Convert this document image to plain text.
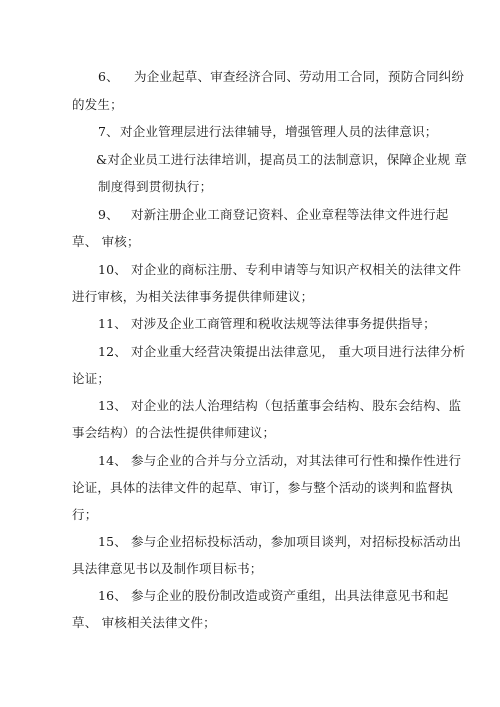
6、 为企业起草、审查经济合同、劳动用工合同，预防合同纠纷
的发生；
7、对企业管理层进行法律辅导，增强管理人员的法律意识；
&对企业员工进行法律培训，提高员工的法制意识，保障企业规 章
制度得到贯彻执行；
9、 对新注册企业工商登记资料、企业章程等法律文件进行起
草、 审核；
10、 对企业的商标注册、专利申请等与知识产权相关的法律文件
进行审核，为相关法律事务提供律师建议；
11、 对涉及企业工商管理和税收法规等法律事务提供指导；
12、 对企业重大经营决策提出法律意见， 重大项目进行法律分析
论证；
13、 对企业的法人治理结构（包括董事会结构、股东会结构、监
事会结构）的合法性提供律师建议；
14、 参与企业的合并与分立活动，对其法律可行性和操作性进行
论证，具体的法律文件的起草、审订，参与整个活动的谈判和监督执
行；
15、 参与企业招标投标活动，参加项目谈判，对招标投标活动出
具法律意见书以及制作项目标书；
16、 参与企业的股份制改造或资产重组，出具法律意见书和起
草、 审核相关法律文件；
